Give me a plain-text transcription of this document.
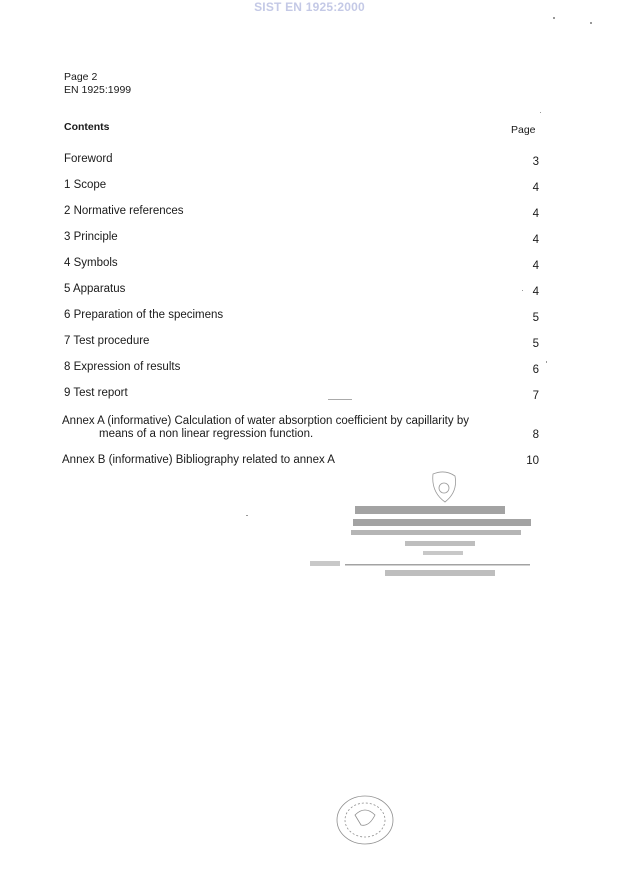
SIST EN 1925:2000
Page 2
EN 1925:1999
Contents	Page
Foreword	3
1 Scope	4
2 Normative references	4
3 Principle	4
4 Symbols	4
5 Apparatus	4
6 Preparation of the specimens	5
7 Test procedure	5
8 Expression of results	6
9 Test report	7
Annex A (informative) Calculation of water absorption coefficient by capillarity by
means of a non linear regression function.	8
Annex B (informative) Bibliography related to annex A	10
